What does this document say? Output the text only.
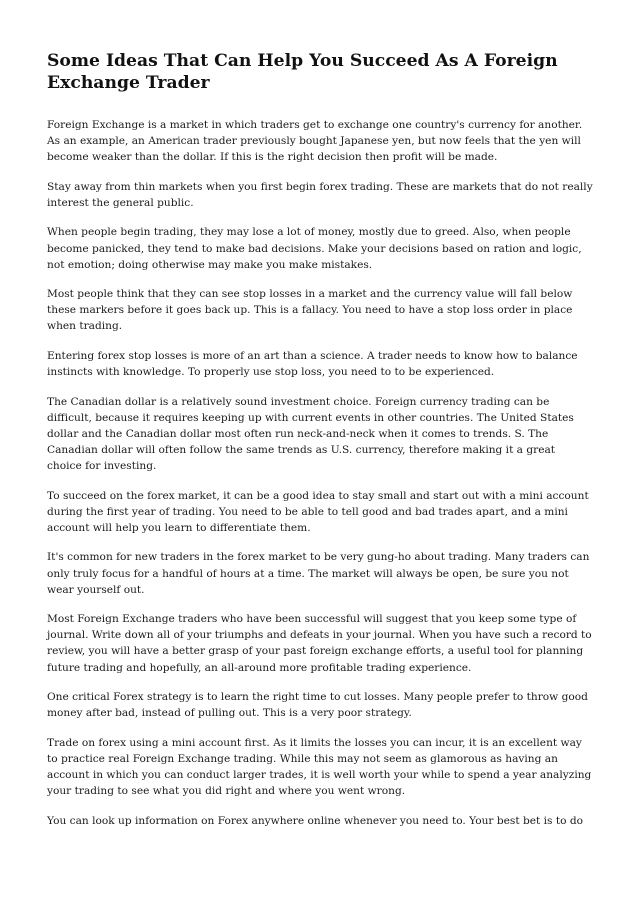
Some Ideas That Can Help You Succeed As A Foreign
Exchange Trader
Foreign Exchange is a market in which traders get to exchange one country's currency for another.
As an example, an American trader previously bought Japanese yen, but now feels that the yen will
become weaker than the dollar. If this is the right decision then profit will be made.
Stay away from thin markets when you first begin forex trading. These are markets that do not really
interest the general public.
When people begin trading, they may lose a lot of money, mostly due to greed. Also, when people
become panicked, they tend to make bad decisions. Make your decisions based on ration and logic,
not emotion; doing otherwise may make you make mistakes.
Most people think that they can see stop losses in a market and the currency value will fall below
these markers before it goes back up. This is a fallacy. You need to have a stop loss order in place
when trading.
Entering forex stop losses is more of an art than a science. A trader needs to know how to balance
instincts with knowledge. To properly use stop loss, you need to to be experienced.
The Canadian dollar is a relatively sound investment choice. Foreign currency trading can be
difficult, because it requires keeping up with current events in other countries. The United States
dollar and the Canadian dollar most often run neck-and-neck when it comes to trends. S. The
Canadian dollar will often follow the same trends as U.S. currency, therefore making it a great
choice for investing.
To succeed on the forex market, it can be a good idea to stay small and start out with a mini account
during the first year of trading. You need to be able to tell good and bad trades apart, and a mini
account will help you learn to differentiate them.
It's common for new traders in the forex market to be very gung-ho about trading. Many traders can
only truly focus for a handful of hours at a time. The market will always be open, be sure you not
wear yourself out.
Most Foreign Exchange traders who have been successful will suggest that you keep some type of
journal. Write down all of your triumphs and defeats in your journal. When you have such a record to
review, you will have a better grasp of your past foreign exchange efforts, a useful tool for planning
future trading and hopefully, an all-around more profitable trading experience.
One critical Forex strategy is to learn the right time to cut losses. Many people prefer to throw good
money after bad, instead of pulling out. This is a very poor strategy.
Trade on forex using a mini account first. As it limits the losses you can incur, it is an excellent way
to practice real Foreign Exchange trading. While this may not seem as glamorous as having an
account in which you can conduct larger trades, it is well worth your while to spend a year analyzing
your trading to see what you did right and where you went wrong.
You can look up information on Forex anywhere online whenever you need to. Your best bet is to do
